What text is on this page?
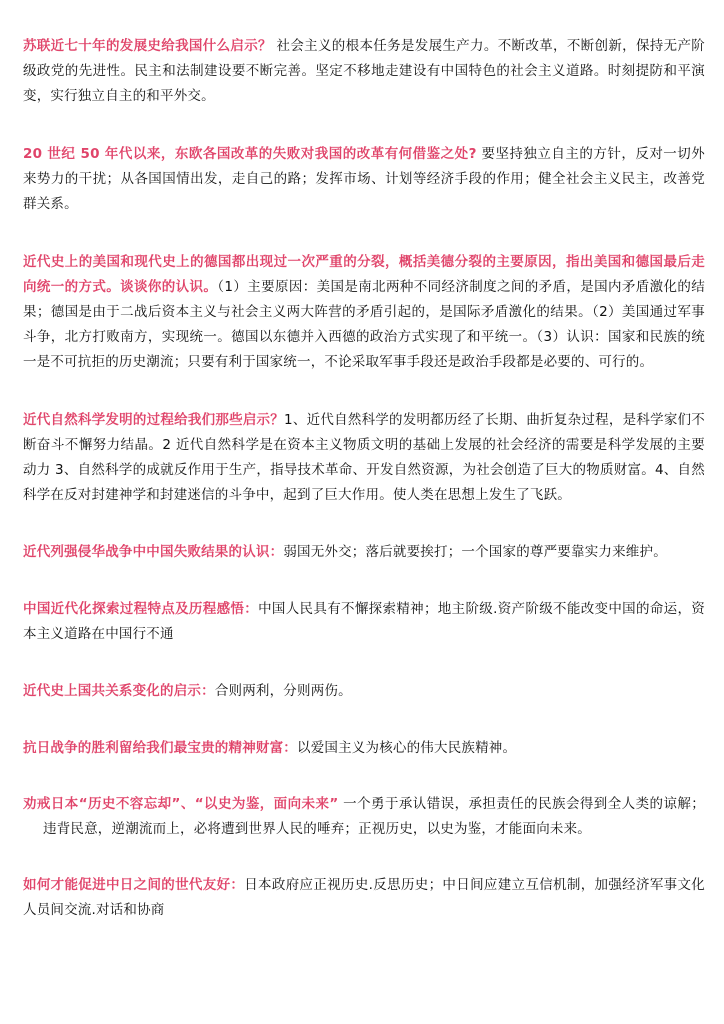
苏联近七十年的发展史给我国什么启示？ 社会主义的根本任务是发展生产力。不断改革，不断创新，保持无产阶级政党的先进性。民主和法制建设要不断完善。坚定不移地走建设有中国特色的社会主义道路。时刻提防和平演变，实行独立自主的和平外交。

20 世纪 50 年代以来，东欧各国改革的失败对我国的改革有何借鉴之处? 要坚持独立自主的方针，反对一切外来势力的干扰；从各国国情出发，走自己的路；发挥市场、计划等经济手段的作用；健全社会主义民主，改善党群关系。

近代史上的美国和现代史上的德国都出现过一次严重的分裂，概括美德分裂的主要原因，指出美国和德国最后走向统一的方式。谈谈你的认识。（1）主要原因：美国是南北两种不同经济制度之间的矛盾，是国内矛盾激化的结果；德国是由于二战后资本主义与社会主义两大阵营的矛盾引起的，是国际矛盾激化的结果。（2）美国通过军事斗争，北方打败南方，实现统一。德国以东德并入西德的政治方式实现了和平统一。（3）认识：国家和民族的统一是不可抗拒的历史潮流；只要有利于国家统一，不论采取军事手段还是政治手段都是必要的、可行的。

近代自然科学发明的过程给我们那些启示？1、近代自然科学的发明都历经了长期、曲折复杂过程，是科学家们不断奋斗不懈努力结晶。2 近代自然科学是在资本主义物质文明的基础上发展的社会经济的需要是科学发展的主要动力 3、自然科学的成就反作用于生产，指导技术革命、开发自然资源，为社会创造了巨大的物质财富。4、自然科学在反对封建神学和封建迷信的斗争中，起到了巨大作用。使人类在思想上发生了飞跃。

近代列强侵华战争中中国失败结果的认识：弱国无外交；落后就要挨打；一个国家的尊严要靠实力来维护。

中国近代化探索过程特点及历程感悟：中国人民具有不懈探索精神；地主阶级.资产阶级不能改变中国的命运，资本主义道路在中国行不通

近代史上国共关系变化的启示：合则两利，分则两伤。

抗日战争的胜利留给我们最宝贵的精神财富：以爱国主义为核心的伟大民族精神。

劝戒日本“历史不容忘却”、“以史为鉴，面向未来” 一个勇于承认错误，承担责任的民族会得到全人类的谅解；违背民意，逆潮流而上，必将遭到世界人民的唾弃；正视历史，以史为鉴，才能面向未来。

如何才能促进中日之间的世代友好：日本政府应正视历史.反思历史；中日间应建立互信机制，加强经济军事文化人员间交流.对话和协商
